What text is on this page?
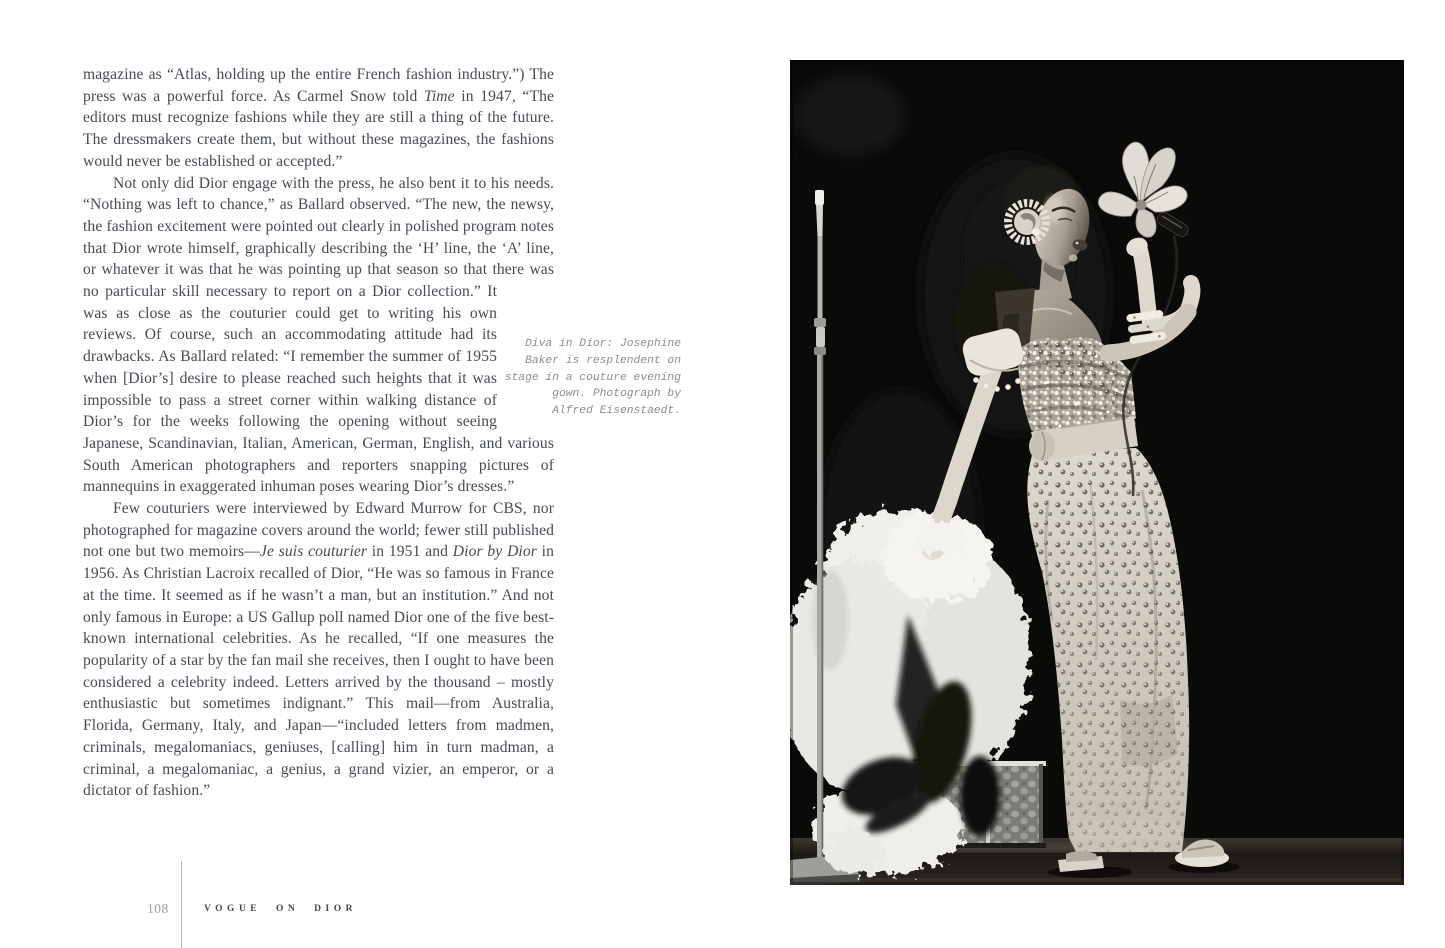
magazine as “Atlas, holding up the entire French fashion industry.”) The press was a powerful force. As Carmel Snow told Time in 1947, “The editors must recognize fashions while they are still a thing of the future. The dressmakers create them, but without these magazines, the fashions would never be established or accepted.”

Not only did Dior engage with the press, he also bent it to his needs. “Nothing was left to chance,” as Ballard observed. “The new, the newsy, the fashion excitement were pointed out clearly in polished program notes that Dior wrote himself, graphically describing the ‘H’ line, the ‘A’ line, or whatever it was that he was pointing up that season so that there was no particular skill necessary to report on a
Dior collection.” It was as close as the couturier could get to writing his own reviews. Of course, such an accommodating attitude had its drawbacks. As Ballard related: “I remember the summer of 1955 when [Dior’s] desire to please reached such heights that it was impossible to pass a street corner within walking distance of Dior’s for the weeks following the opening without seeing Japanese, Scandinavian, Italian, American, German, English, and various South American photographers and reporters snapping pictures of mannequins in exaggerated inhuman poses wearing Dior’s dresses.”

Few couturiers were interviewed by Edward Murrow for CBS, nor photographed for magazine covers around the world; fewer still published not one but two memoirs—Je suis couturier in 1951 and Dior by Dior in 1956. As Christian Lacroix recalled of Dior, “He was so famous in France at the time. It seemed as if he wasn’t a man, but an institution.” And not only famous in Europe: a US Gallup poll named Dior one of the five best-known international celebrities. As he recalled, “If one measures the popularity of a star by the fan mail she receives, then I ought to have been considered a celebrity indeed. Letters arrived by the thousand – mostly enthusiastic but sometimes indignant.” This mail—from Australia, Florida, Germany, Italy, and Japan—“included letters from madmen, criminals, megalomaniacs, geniuses, [calling] him in turn madman, a criminal, a megalomaniac, a genius, a grand vizier, an emperor, or a dictator of fashion.”

Diva in Dior: Josephine
Baker is resplendent on
stage in a couture evening
gown. Photograph by
Alfred Eisenstaedt.
108	VOGUE ON DIOR
